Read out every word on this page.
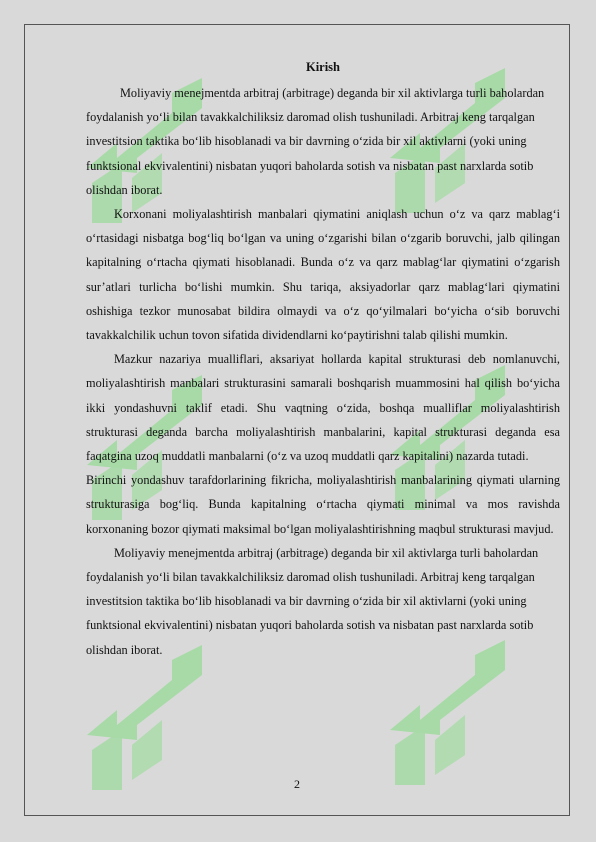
Kirish

Moliyaviy menejmentda arbitraj (arbitrage) deganda bir xil aktivlarga turli baholardan foydalanish yo‘li bilan tavakkalchiliksiz daromad olish tushuniladi. Arbitraj keng tarqalgan investitsion taktika bo‘lib hisoblanadi va bir davrning o‘zida bir xil aktivlarni (yoki uning funktsional ekvivalentini) nisbatan yuqori baholarda sotish va nisbatan past narxlarda sotib olishdan iborat.

Korxonani moliyalashtirish manbalari qiymatini aniqlash uchun o‘z va qarz mablag‘i o‘rtasidagi nisbatga bog‘liq bo‘lgan va uning o‘zgarishi bilan o‘zgarib boruvchi, jalb qilingan kapitalning o‘rtacha qiymati hisoblanadi. Bunda o‘z va qarz mablag‘lar qiymatini o‘zgarish sur’atlari turlicha bo‘lishi mumkin. Shu tariqa, aksiyadorlar qarz mablag‘lari qiymatini oshishiga tezkor munosabat bildira olmaydi va o‘z qo‘yilmalari bo‘yicha o‘sib boruvchi tavakkalchilik uchun tovon sifatida dividendlarni ko‘paytirishni talab qilishi mumkin.

Mazkur nazariya mualliflari, aksariyat hollarda kapital strukturasi deb nomlanuvchi, moliyalashtirish manbalari strukturasini samarali boshqarish muammosini hal qilish bo‘yicha ikki yondashuvni taklif etadi. Shu vaqtning o‘zida, boshqa mualliflar moliyalashtirish strukturasi deganda barcha moliyalashtirish manbalarini, kapital strukturasi deganda esa faqatgina uzoq muddatli manbalarni (o‘z va uzoq muddatli qarz kapitalini) nazarda tutadi.

Birinchi yondashuv tarafdorlarining fikricha, moliyalashtirish manbalarining qiymati ularning strukturasiga bog‘liq. Bunda kapitalning o‘rtacha qiymati minimal va mos ravishda korxonaning bozor qiymati maksimal bo‘lgan moliyalashtirishning maqbul strukturasi mavjud.

Moliyaviy menejmentda arbitraj (arbitrage) deganda bir xil aktivlarga turli baholardan foydalanish yo‘li bilan tavakkalchiliksiz daromad olish tushuniladi. Arbitraj keng tarqalgan investitsion taktika bo‘lib hisoblanadi va bir davrning o‘zida bir xil aktivlarni (yoki uning funktsional ekvivalentini) nisbatan yuqori baholarda sotish va nisbatan past narxlarda sotib olishdan iborat.

2
